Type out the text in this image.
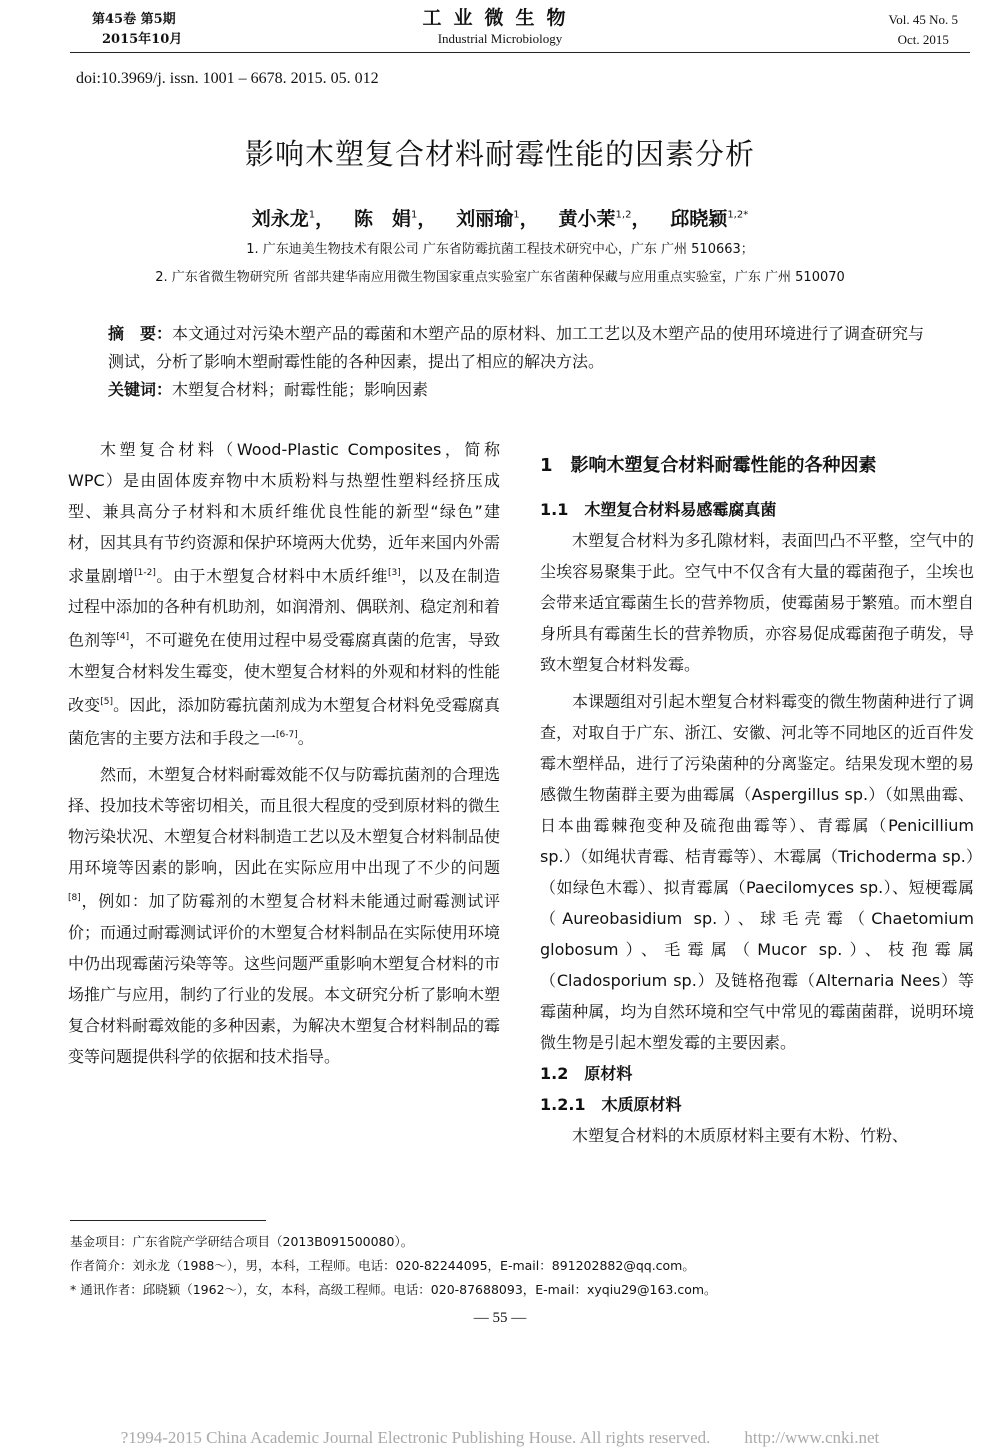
第45卷 第5期
2015年10月
工业微生物
Industrial Microbiology
Vol. 45 No. 5
Oct. 2015
doi:10.3969/j. issn. 1001 – 6678. 2015. 05. 012
影响木塑复合材料耐霉性能的因素分析
刘永龙$^1$，   陈　娟$^1$，   刘丽瑜$^1$，   黄小茉$^{1,2}$，   邱晓颖$^{1,2*}$
1. 广东迪美生物技术有限公司 广东省防霉抗菌工程技术研究中心，广东 广州 510663；
2. 广东省微生物研究所 省部共建华南应用微生物国家重点实验室广东省菌种保藏与应用重点实验室，广东 广州 510070
摘　要：本文通过对污染木塑产品的霉菌和木塑产品的原材料、加工工艺以及木塑产品的使用环境进行了调查研究与测试，分析了影响木塑耐霉性能的各种因素，提出了相应的解决方法。
关键词：木塑复合材料；耐霉性能；影响因素

木塑复合材料（Wood-Plastic Composites，简称WPC）是由固体废弃物中木质粉料与热塑性塑料经挤压成型、兼具高分子材料和木质纤维优良性能的新型“绿色”建材，因其具有节约资源和保护环境两大优势，近年来国内外需求量剧增[1-2]。由于木塑复合材料中木质纤维[3]，以及在制造过程中添加的各种有机助剂，如润滑剂、偶联剂、稳定剂和着色剂等[4]，不可避免在使用过程中易受霉腐真菌的危害，导致木塑复合材料发生霉变，使木塑复合材料的外观和材料的性能改变[5]。因此，添加防霉抗菌剂成为木塑复合材料免受霉腐真菌危害的主要方法和手段之一[6-7]。

然而，木塑复合材料耐霉效能不仅与防霉抗菌剂的合理选择、投加技术等密切相关，而且很大程度的受到原材料的微生物污染状况、木塑复合材料制造工艺以及木塑复合材料制品使用环境等因素的影响，因此在实际应用中出现了不少的问题[8]，例如：加了防霉剂的木塑复合材料未能通过耐霉测试评价；而通过耐霉测试评价的木塑复合材料制品在实际使用环境中仍出现霉菌污染等等。这些问题严重影响木塑复合材料的市场推广与应用，制约了行业的发展。本文研究分析了影响木塑复合材料耐霉效能的多种因素，为解决木塑复合材料制品的霉变等问题提供科学的依据和技术指导。

1　影响木塑复合材料耐霉性能的各种因素
1.1　木塑复合材料易感霉腐真菌

木塑复合材料为多孔隙材料，表面凹凸不平整，空气中的尘埃容易聚集于此。空气中不仅含有大量的霉菌孢子，尘埃也会带来适宜霉菌生长的营养物质，使霉菌易于繁殖。而木塑自身所具有霉菌生长的营养物质，亦容易促成霉菌孢子萌发，导致木塑复合材料发霉。

本课题组对引起木塑复合材料霉变的微生物菌种进行了调查，对取自于广东、浙江、安徽、河北等不同地区的近百件发霉木塑样品，进行了污染菌种的分离鉴定。结果发现木塑的易感微生物菌群主要为曲霉属（Aspergillus sp.）（如黑曲霉、日本曲霉棘孢变种及硫孢曲霉等）、青霉属（Penicillium sp.）（如绳状青霉、桔青霉等）、木霉属（Trichoderma sp.）（如绿色木霉）、拟青霉属（Paecilomyces sp.）、短梗霉属（Aureobasidium sp.）、球毛壳霉（Chaetomium globosum）、毛霉属（Mucor sp.）、枝孢霉属（Cladosporium sp.）及链格孢霉（Alternaria Nees）等霉菌种属，均为自然环境和空气中常见的霉菌菌群，说明环境微生物是引起木塑发霉的主要因素。

1.2　原材料
1.2.1　木质原材料

木塑复合材料的木质原材料主要有木粉、竹粉、

基金项目：广东省院产学研结合项目（2013B091500080）。
作者简介：刘永龙（1988～），男，本科，工程师。电话：020-82244095，E-mail：891202882@qq.com。
* 通讯作者：邱晓颖（1962～），女，本科，高级工程师。电话：020-87688093，E-mail：xyqiu29@163.com。
— 55 —
?1994-2015 China Academic Journal Electronic Publishing House. All rights reserved.　　http://www.cnki.net
